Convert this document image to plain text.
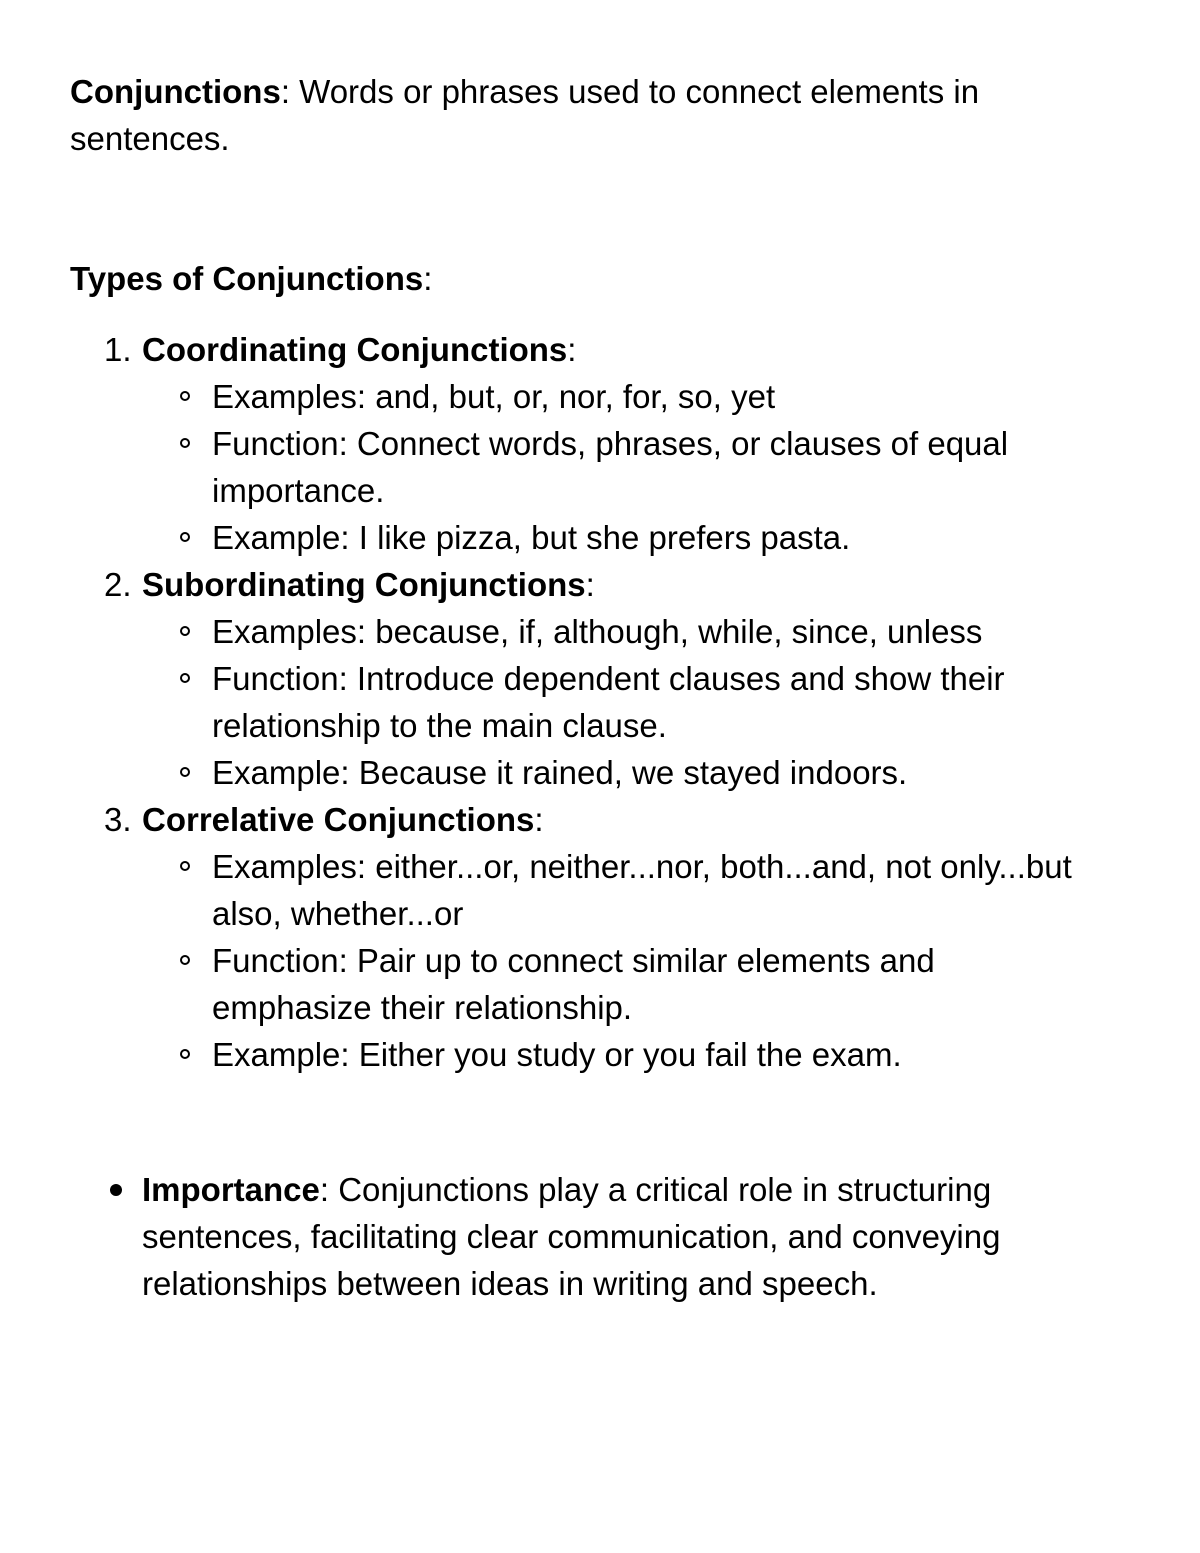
Conjunctions: Words or phrases used to connect elements in sentences.

Types of Conjunctions:

1. Coordinating Conjunctions:
Examples: and, but, or, nor, for, so, yet
Function: Connect words, phrases, or clauses of equal importance.
Example: I like pizza, but she prefers pasta.
2. Subordinating Conjunctions:
Examples: because, if, although, while, since, unless
Function: Introduce dependent clauses and show their relationship to the main clause.
Example: Because it rained, we stayed indoors.
3. Correlative Conjunctions:
Examples: either...or, neither...nor, both...and, not only...but also, whether...or
Function: Pair up to connect similar elements and emphasize their relationship.
Example: Either you study or you fail the exam.
Importance: Conjunctions play a critical role in structuring sentences, facilitating clear communication, and conveying relationships between ideas in writing and speech.
